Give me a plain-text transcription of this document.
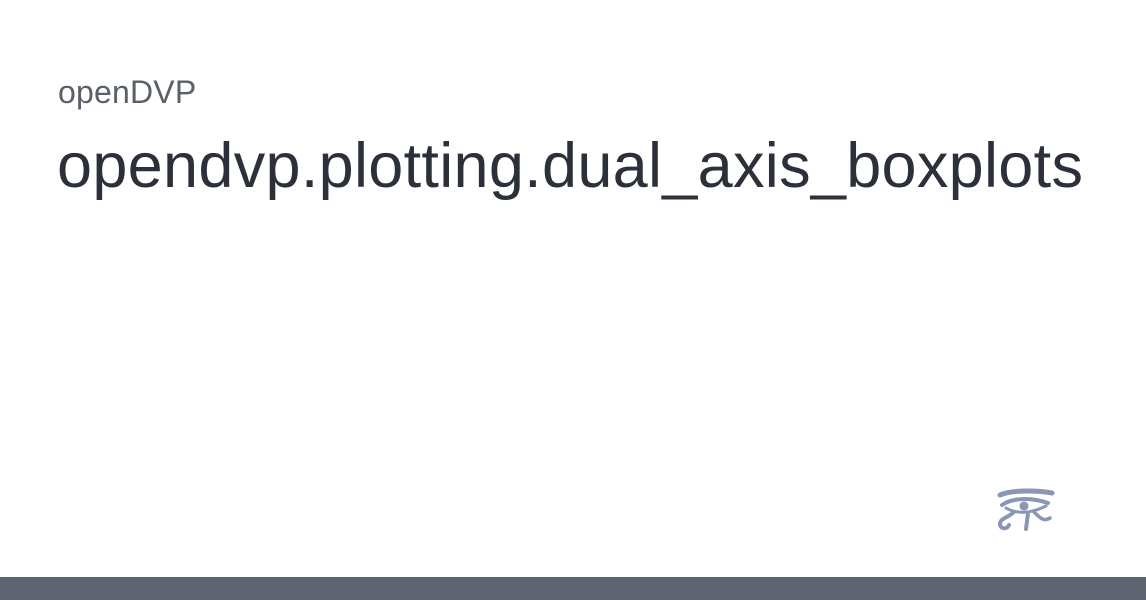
openDVP
opendvp.plotting.dual_axis_boxplots
